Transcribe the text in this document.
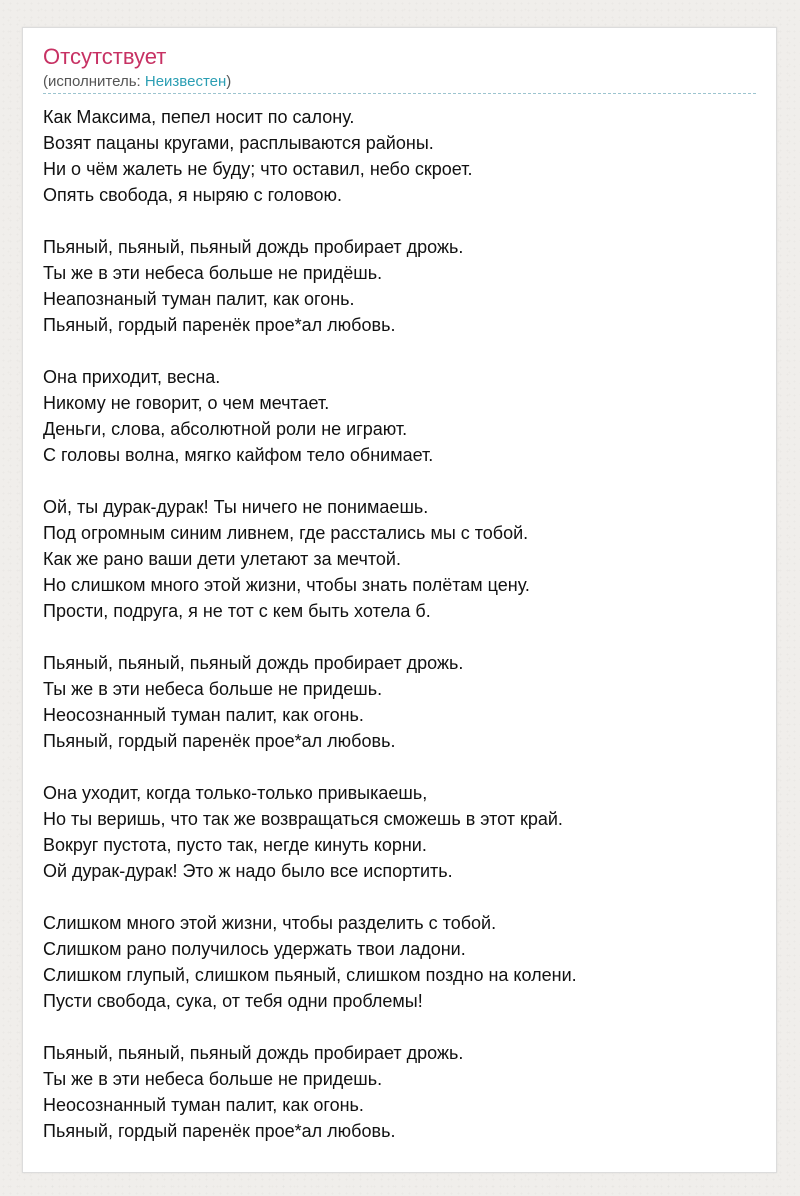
Отсутствует
(исполнитель: Неизвестен)
Как Максима, пепел носит по салону.
Возят пацаны кругами, расплываются районы.
Ни о чём жалеть не буду; что оставил, небо скроет.
Опять свобода, я ныряю с головою.
Пьяный, пьяный, пьяный дождь пробирает дрожь.
Ты же в эти небеса больше не придёшь.
Неапознаный туман палит, как огонь.
Пьяный, гордый паренёк прое*ал любовь.
Она приходит, весна.
Никому не говорит, о чем мечтает.
Деньги, слова, абсолютной роли не играют.
С головы волна, мягко кайфом тело обнимает.
Ой, ты дурак-дурак! Ты ничего не понимаешь.
Под огромным синим ливнем, где расстались мы с тобой.
Как же рано ваши дети улетают за мечтой.
Но слишком много этой жизни, чтобы знать полётам цену.
Прости, подруга, я не тот с кем быть хотела б.
Пьяный, пьяный, пьяный дождь пробирает дрожь.
Ты же в эти небеса больше не придешь.
Неосознанный туман палит, как огонь.
Пьяный, гордый паренёк прое*ал любовь.
Она уходит, когда только-только привыкаешь,
Но ты веришь, что так же возвращаться сможешь в этот край.
Вокруг пустота, пусто так, негде кинуть корни.
Ой дурак-дурак! Это ж надо было все испортить.
Слишком много этой жизни, чтобы разделить с тобой.
Слишком рано получилось удержать твои ладони.
Слишком глупый, слишком пьяный, слишком поздно на колени.
Пусти свобода, сука, от тебя одни проблемы!
Пьяный, пьяный, пьяный дождь пробирает дрожь.
Ты же в эти небеса больше не придешь.
Неосознанный туман палит, как огонь.
Пьяный, гордый паренёк прое*ал любовь.
